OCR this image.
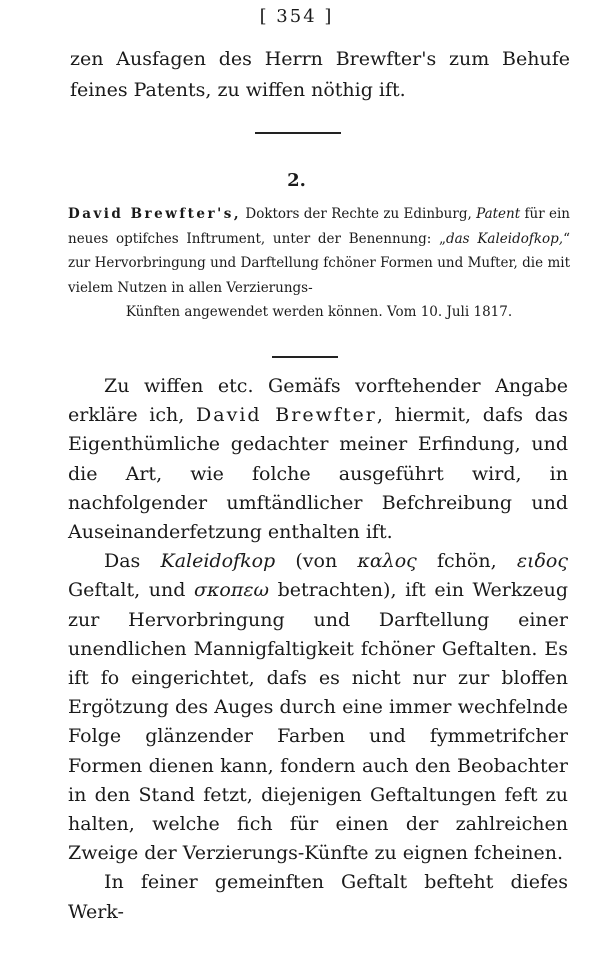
[ 354 ]
zen Ausfagen des Herrn Brewfter's zum Behufe feines Patents, zu wiffen nöthig ift.
2.
David Brewfter's, Doktors der Rechte zu Edinburg, Patent für ein neues optifches Inftrument, unter der Benennung: „das Kaleidofkop,“ zur Hervorbringung und Darftellung fchöner Formen und Mufter, die mit vielem Nutzen in allen Verzierungs-
Künften angewendet werden können. Vom 10. Juli 1817.

Zu wiffen etc. Gemäfs vorftehender Angabe erkläre ich, David Brewfter, hiermit, dafs das Eigenthümliche gedachter meiner Erfindung, und die Art, wie folche ausgeführt wird, in nachfolgender umftändlicher Befchreibung und Auseinanderfetzung enthalten ift.

Das Kaleidofkop (von καλος fchön, ειδος Geftalt, und σκοπεω betrachten), ift ein Werkzeug zur Hervorbringung und Darftellung einer unendlichen Mannigfaltigkeit fchöner Geftalten. Es ift fo eingerichtet, dafs es nicht nur zur bloffen Ergötzung des Auges durch eine immer wechfelnde Folge glänzender Farben und fymmetrifcher Formen dienen kann, fondern auch den Beobachter in den Stand fetzt, diejenigen Geftaltungen feft zu halten, welche fich für einen der zahlreichen Zweige der Verzierungs-Künfte zu eignen fcheinen.

In feiner gemeinften Geftalt befteht diefes Werk-
